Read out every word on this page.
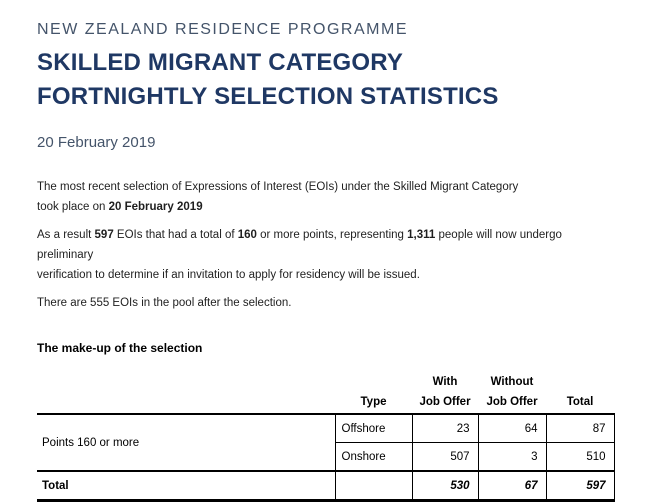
NEW ZEALAND RESIDENCE PROGRAMME
SKILLED MIGRANT CATEGORY
FORTNIGHTLY SELECTION STATISTICS
20 February 2019

The most recent selection of Expressions of Interest (EOIs) under the Skilled Migrant Category
took place on 20 February 2019

As a result 597 EOIs that had a total of 160 or more points, representing 1,311 people will now undergo preliminary
verification to determine if an invitation to apply for residency will be issued.

There are 555 EOIs in the pool after the selection.

The make-up of the selection
		With	Without	
	Type	Job Offer	Job Offer	Total
Points 160 or more	Offshore	23	64	87
	Onshore	507	3	510
Total		530	67	597
